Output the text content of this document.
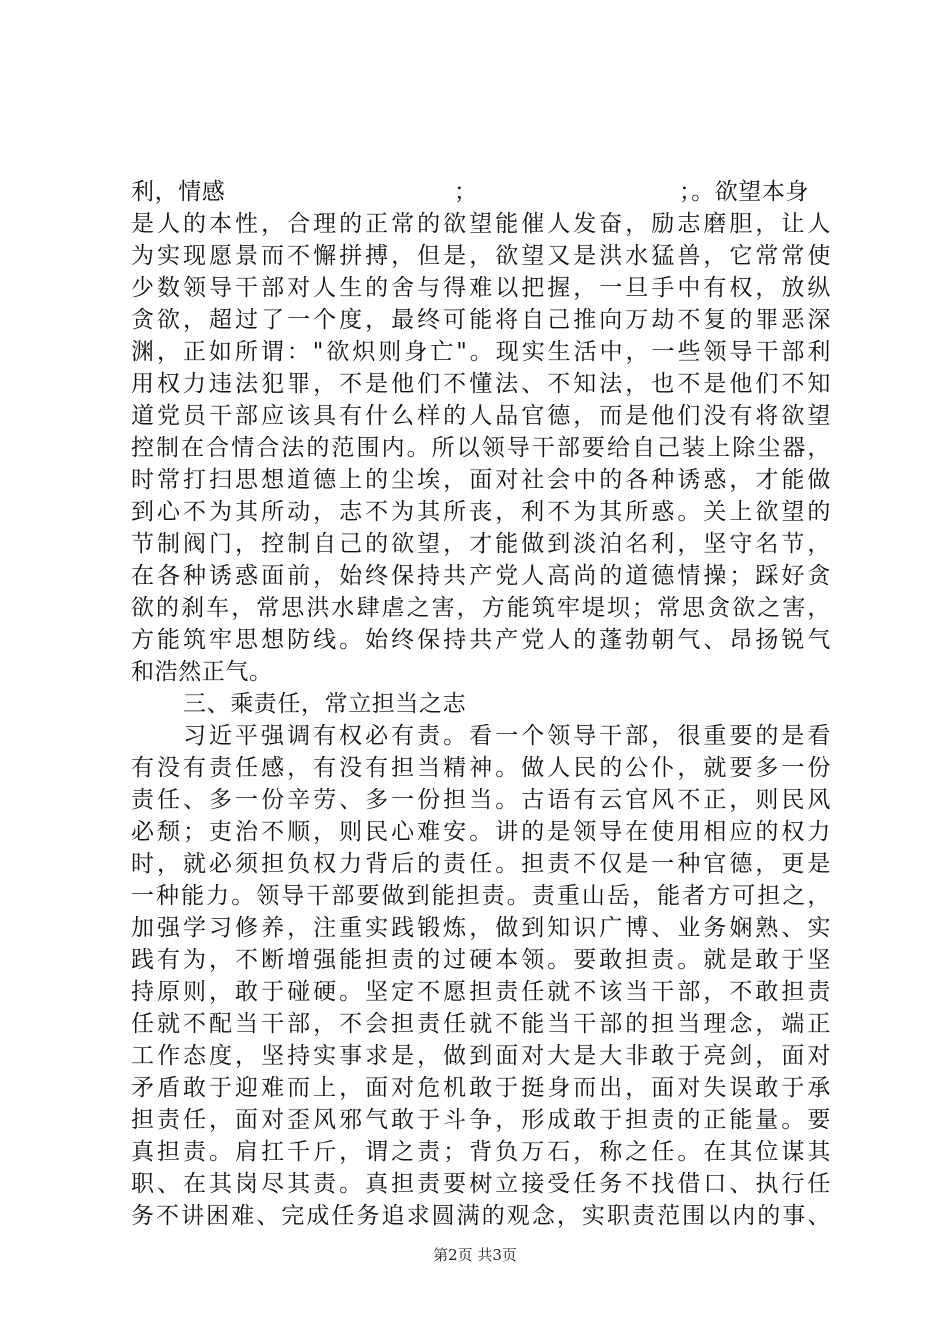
利，情感	；	；。欲望本身
是人的本性，合理的正常的欲望能催人发奋，励志磨胆，让人
为实现愿景而不懈拼搏，但是，欲望又是洪水猛兽，它常常使
少数领导干部对人生的舍与得难以把握，一旦手中有权，放纵
贪欲，超过了一个度，最终可能将自己推向万劫不复的罪恶深
渊，正如所谓："欲炽则身亡"。现实生活中，一些领导干部利
用权力违法犯罪，不是他们不懂法、不知法，也不是他们不知
道党员干部应该具有什么样的人品官德，而是他们没有将欲望
控制在合情合法的范围内。所以领导干部要给自己装上除尘器，
时常打扫思想道德上的尘埃，面对社会中的各种诱惑，才能做
到心不为其所动，志不为其所丧，利不为其所惑。关上欲望的
节制阀门，控制自己的欲望，才能做到淡泊名利，坚守名节，
在各种诱惑面前，始终保持共产党人高尚的道德情操；踩好贪
欲的刹车，常思洪水肆虐之害，方能筑牢堤坝；常思贪欲之害，
方能筑牢思想防线。始终保持共产党人的蓬勃朝气、昂扬锐气
和浩然正气。
三、乘责任，常立担当之志
习近平强调有权必有责。看一个领导干部，很重要的是看
有没有责任感，有没有担当精神。做人民的公仆，就要多一份
责任、多一份辛劳、多一份担当。古语有云官风不正，则民风
必颓；吏治不顺，则民心难安。讲的是领导在使用相应的权力
时，就必须担负权力背后的责任。担责不仅是一种官德，更是
一种能力。领导干部要做到能担责。责重山岳，能者方可担之，
加强学习修养，注重实践锻炼，做到知识广博、业务娴熟、实
践有为，不断增强能担责的过硬本领。要敢担责。就是敢于坚
持原则，敢于碰硬。坚定不愿担责任就不该当干部，不敢担责
任就不配当干部，不会担责任就不能当干部的担当理念，端正
工作态度，坚持实事求是，做到面对大是大非敢于亮剑，面对
矛盾敢于迎难而上，面对危机敢于挺身而出，面对失误敢于承
担责任，面对歪风邪气敢于斗争，形成敢于担责的正能量。要
真担责。肩扛千斤，谓之责；背负万石，称之任。在其位谋其
职、在其岗尽其责。真担责要树立接受任务不找借口、执行任
务不讲困难、完成任务追求圆满的观念，实职责范围以内的事、
第2页 共3页
